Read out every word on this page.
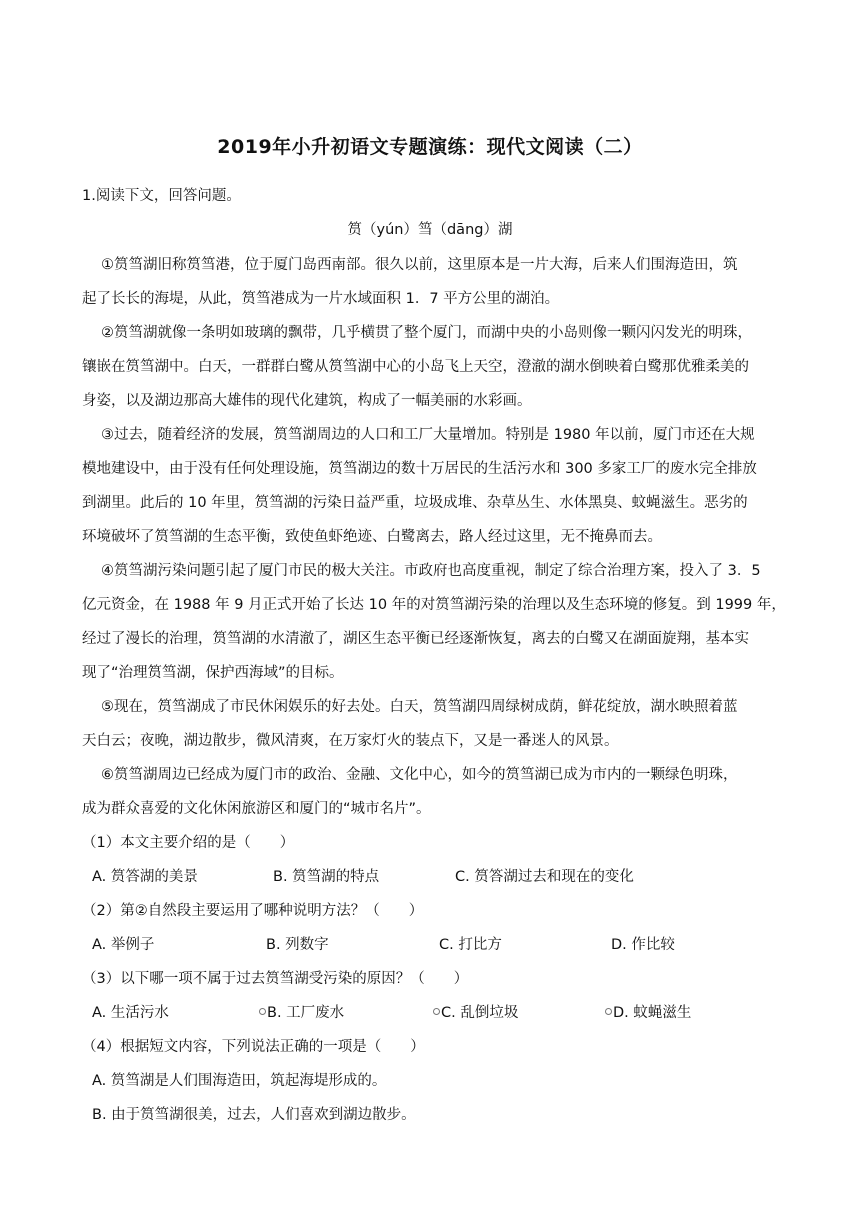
2019年小升初语文专题演练：现代文阅读（二）
1.阅读下文，回答问题。
筼（yún）筜（dāng）湖
①筼筜湖旧称筼筜港，位于厦门岛西南部。很久以前，这里原本是一片大海，后来人们围海造田，筑
起了长长的海堤，从此，筼筜港成为一片水域面积 1．7 平方公里的湖泊。
②筼筜湖就像一条明如玻璃的飘带，几乎横贯了整个厦门，而湖中央的小岛则像一颗闪闪发光的明珠，
镶嵌在筼筜湖中。白天，一群群白鹭从筼筜湖中心的小岛飞上天空，澄澈的湖水倒映着白鹭那优雅柔美的
身姿，以及湖边那高大雄伟的现代化建筑，构成了一幅美丽的水彩画。
③过去，随着经济的发展，筼筜湖周边的人口和工厂大量增加。特别是 1980 年以前，厦门市还在大规
模地建设中，由于没有任何处理设施，筼筜湖边的数十万居民的生活污水和 300 多家工厂的废水完全排放
到湖里。此后的 10 年里，筼筜湖的污染日益严重，垃圾成堆、杂草丛生、水体黑臭、蚊蝇滋生。恶劣的
环境破坏了筼筜湖的生态平衡，致使鱼虾绝迹、白鹭离去，路人经过这里，无不掩鼻而去。
④筼筜湖污染问题引起了厦门市民的极大关注。市政府也高度重视，制定了综合治理方案，投入了 3．5
亿元资金，在 1988 年 9 月正式开始了长达 10 年的对筼筜湖污染的治理以及生态环境的修复。到 1999 年，
经过了漫长的治理，筼筜湖的水清澈了，湖区生态平衡已经逐渐恢复，离去的白鹭又在湖面旋翔，基本实
现了“治理筼筜湖，保护西海域”的目标。
⑤现在，筼筜湖成了市民休闲娱乐的好去处。白天，筼筜湖四周绿树成荫，鲜花绽放，湖水映照着蓝
天白云；夜晚，湖边散步，微风清爽，在万家灯火的装点下，又是一番迷人的风景。
⑥筼筜湖周边已经成为厦门市的政治、金融、文化中心，如今的筼筜湖已成为市内的一颗绿色明珠，
成为群众喜爱的文化休闲旅游区和厦门的“城市名片”。
（1）本文主要介绍的是（　　）
A. 筼答湖的美景	B. 筼筜湖的特点	C. 筼答湖过去和现在的变化
（2）第②自然段主要运用了哪种说明方法？（　　）
A. 举例子	B. 列数字	C. 打比方	D. 作比较
（3）以下哪一项不属于过去筼筜湖受污染的原因？（　　）
A. 生活污水	B. 工厂废水	C. 乱倒垃圾	D. 蚊蝇滋生
（4）根据短文内容，下列说法正确的一项是（　　）
A. 筼筜湖是人们围海造田，筑起海堤形成的。
B. 由于筼筜湖很美，过去，人们喜欢到湖边散步。
